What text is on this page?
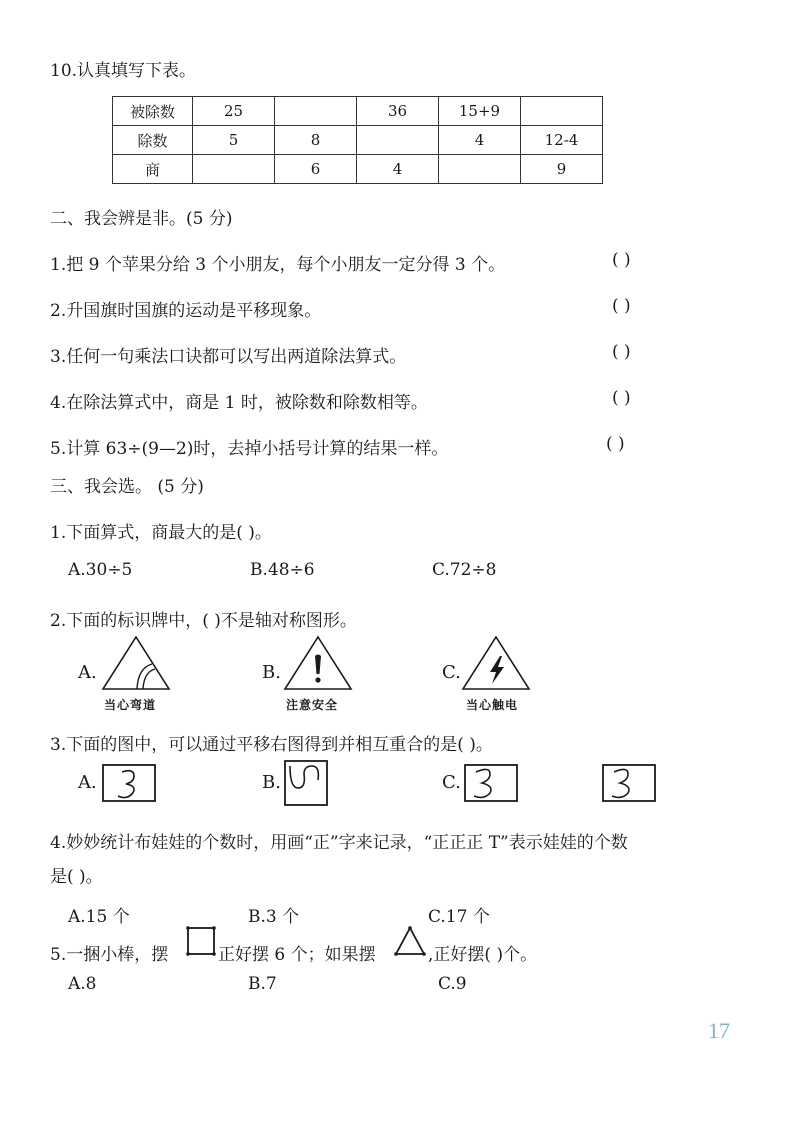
10.认真填写下表。
被除数	25		36	15+9	
除数	5	8		4	12-4
商		6	4		9
二、我会辨是非。(5 分)
1.把 9 个苹果分给 3 个小朋友，每个小朋友一定分得 3 个。	( )
2.升国旗时国旗的运动是平移现象。	( )
3.任何一句乘法口诀都可以写出两道除法算式。	( )
4.在除法算式中，商是 1 时，被除数和除数相等。	( )
5.计算 63÷(9—2)时，去掉小括号计算的结果一样。	( )
三、我会选。 (5 分)
1.下面算式，商最大的是( )。
A.30÷5	B.48÷6	C.72÷8
2.下面的标识牌中，( )不是轴对称图形。
A.
当心弯道
B.
注意安全
C.
当心触电
3.下面的图中，可以通过平移右图得到并相互重合的是( )。
A.	B.	C.
4.妙妙统计布娃娃的个数时，用画“正”字来记录，“正正正 T”表示娃娃的个数
是( )。
A.15 个	B.3 个	C.17 个
5.一捆小棒，摆	正好摆 6 个；如果摆	,正好摆( )个。
A.8	B.7	C.9
17
